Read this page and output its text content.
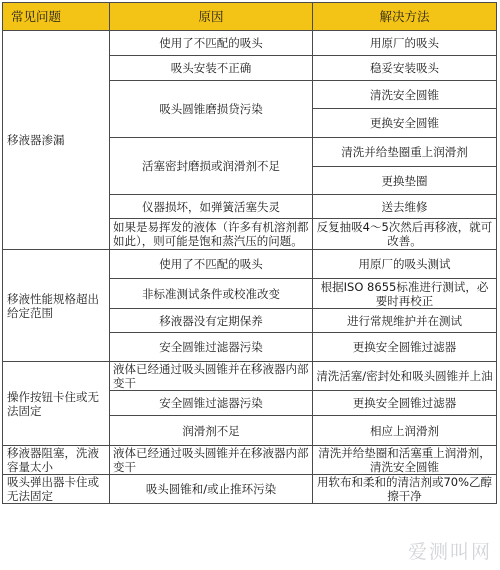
常见问题	原因	解决方法
移液器渗漏	使用了不匹配的吸头	用原厂的吸头
	吸头安装不正确	稳妥安装吸头
	吸头圆锥磨损贷污染	清洗安全圆锥
		更换安全圆锥
	活塞密封磨损或润滑剂不足	清洗并给垫圈重上润滑剂
		更换垫圈
	仪器损坏，如弹簧活塞失灵	送去维修
	如果是易挥发的液体（许多有机溶剂都如此），则可能是饱和蒸汽压的问题。	反复抽吸4～5次然后再移液，就可改善。
移液性能规格超出给定范围	使用了不匹配的吸头	用原厂的吸头测试
	非标准测试条件或校准改变	根据ISO 8655标准进行测试，必要时再校正
	移液器没有定期保养	进行常规维护并在测试
	安全圆锥过滤器污染	更换安全圆锥过滤器
操作按钮卡住或无法固定	液体已经通过吸头圆锥并在移液器内部变干	清洗活塞/密封处和吸头圆锥并上油
	安全圆锥过滤器污染	更换安全圆锥过滤器
	润滑剂不足	相应上润滑剂
移液器阻塞，洗液容量太小	液体已经通过吸头圆锥并在移液器内部变干	清洗并给垫圈和活塞重上润滑剂，清洗安全圆锥
吸头弹出器卡住或无法固定	吸头圆锥和/或止推环污染	用软布和柔和的清洁剂或70%乙醇擦干净
爱测叫网
